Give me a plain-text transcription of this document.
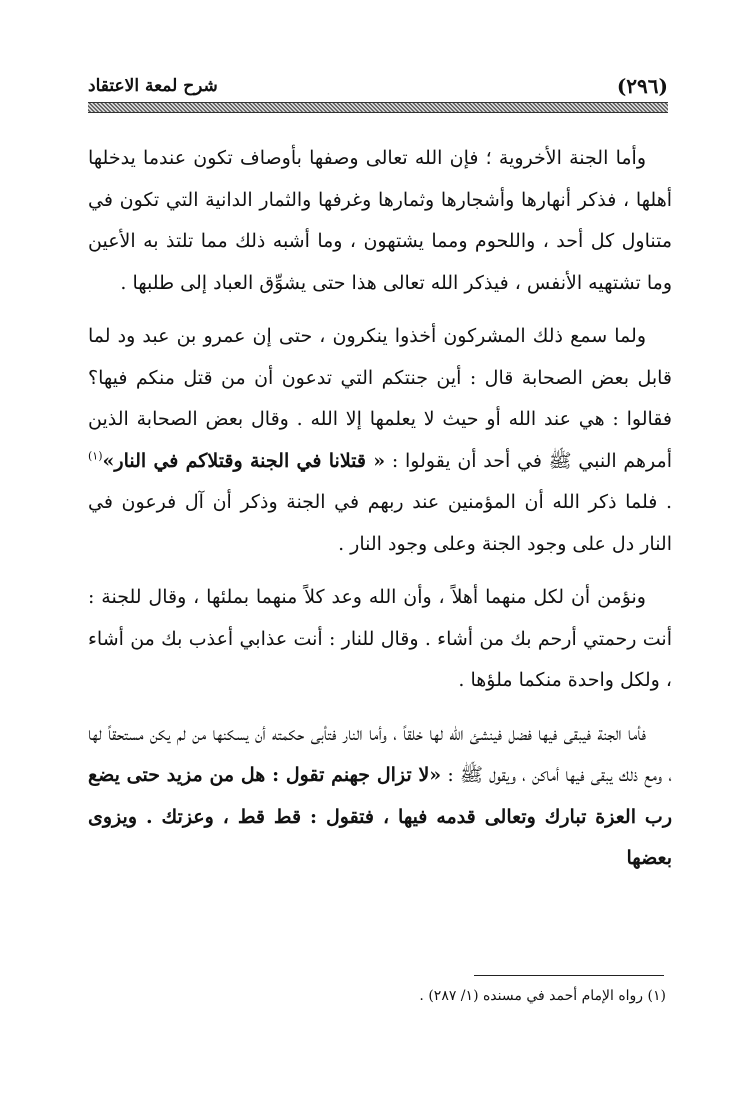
شرح لمعة الاعتقاد	(٢٩٦)

وأما الجنة الأخروية ؛ فإن الله تعالى وصفها بأوصاف تكون عندما يدخلها أهلها ، فذكر أنهارها وأشجارها وثمارها وغرفها والثمار الدانية التي تكون في متناول كل أحد ، واللحوم ومما يشتهون ، وما أشبه ذلك مما تلتذ به الأعين وما تشتهيه الأنفس ، فيذكر الله تعالى هذا حتى يشوِّق العباد إلى طلبها .

ولما سمع ذلك المشركون أخذوا ينكرون ، حتى إن عمرو بن عبد ود لما قابل بعض الصحابة قال : أين جنتكم التي تدعون أن من قتل منكم فيها؟ فقالوا : هي عند الله أو حيث لا يعلمها إلا الله . وقال بعض الصحابة الذين أمرهم النبي ﷺ في أحد أن يقولوا : « قتلانا في الجنة وقتلاكم في النار»$^{(١)}$ . فلما ذكر الله أن المؤمنين عند ربهم في الجنة وذكر أن آل فرعون في النار دل على وجود الجنة وعلى وجود النار .

ونؤمن أن لكل منهما أهلاً ، وأن الله وعد كلاً منهما بملئها ، وقال للجنة : أنت رحمتي أرحم بك من أشاء . وقال للنار : أنت عذابي أعذب بك من أشاء ، ولكل واحدة منكما ملؤها .

فأما الجنة فيبقى فيها فضل فينشئ الله لها خلقاً ، وأما النار فتأبى حكمته أن يسكنها من لم يكن مستحقاً لها ، ومع ذلك يبقى فيها أماكن ، ويقول ﷺ : «لا تزال جهنم تقول : هل من مزيد حتى يضع رب العزة تبارك وتعالى قدمه فيها ، فتقول : قط قط ، وعزتك . ويزوى بعضها

(١) رواه الإمام أحمد في مسنده (١/ ٢٨٧) .
